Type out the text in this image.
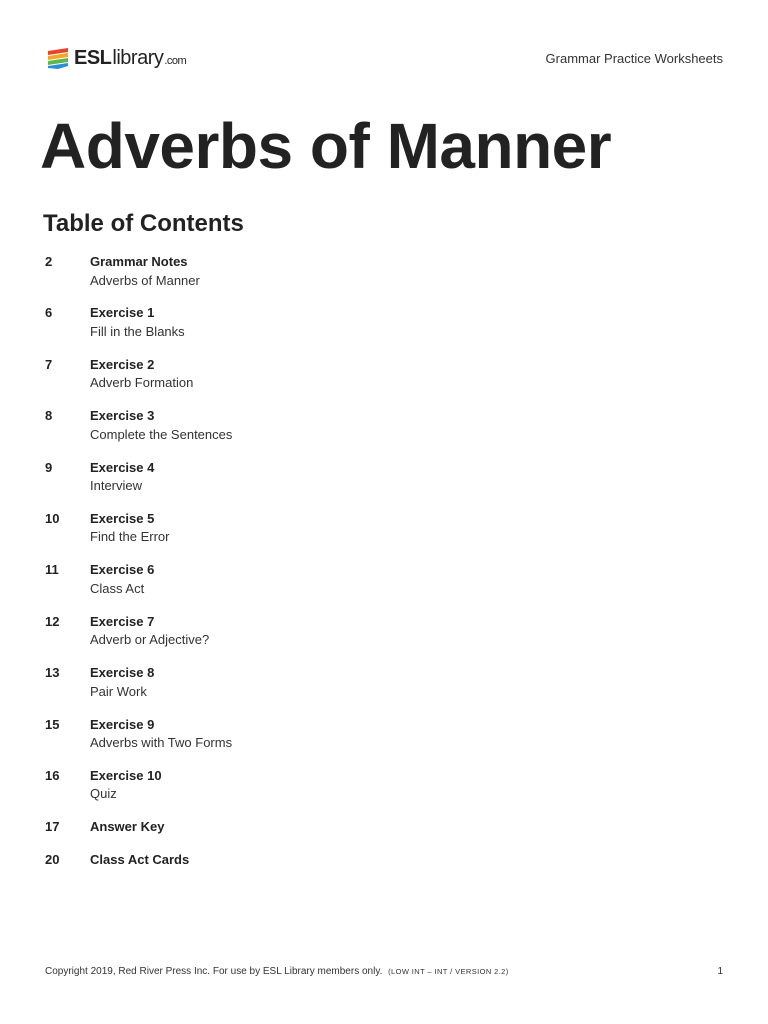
ESL library .com	Grammar Practice Worksheets
Adverbs of Manner
Table of Contents
2	Grammar Notes
Adverbs of Manner
6	Exercise 1
Fill in the Blanks
7	Exercise 2
Adverb Formation
8	Exercise 3
Complete the Sentences
9	Exercise 4
Interview
10	Exercise 5
Find the Error
11	Exercise 6
Class Act
12	Exercise 7
Adverb or Adjective?
13	Exercise 8
Pair Work
15	Exercise 9
Adverbs with Two Forms
16	Exercise 10
Quiz
17	Answer Key
20	Class Act Cards
Copyright 2019, Red River Press Inc. For use by ESL Library members only. (LOW INT – INT / VERSION 2.2)	1
